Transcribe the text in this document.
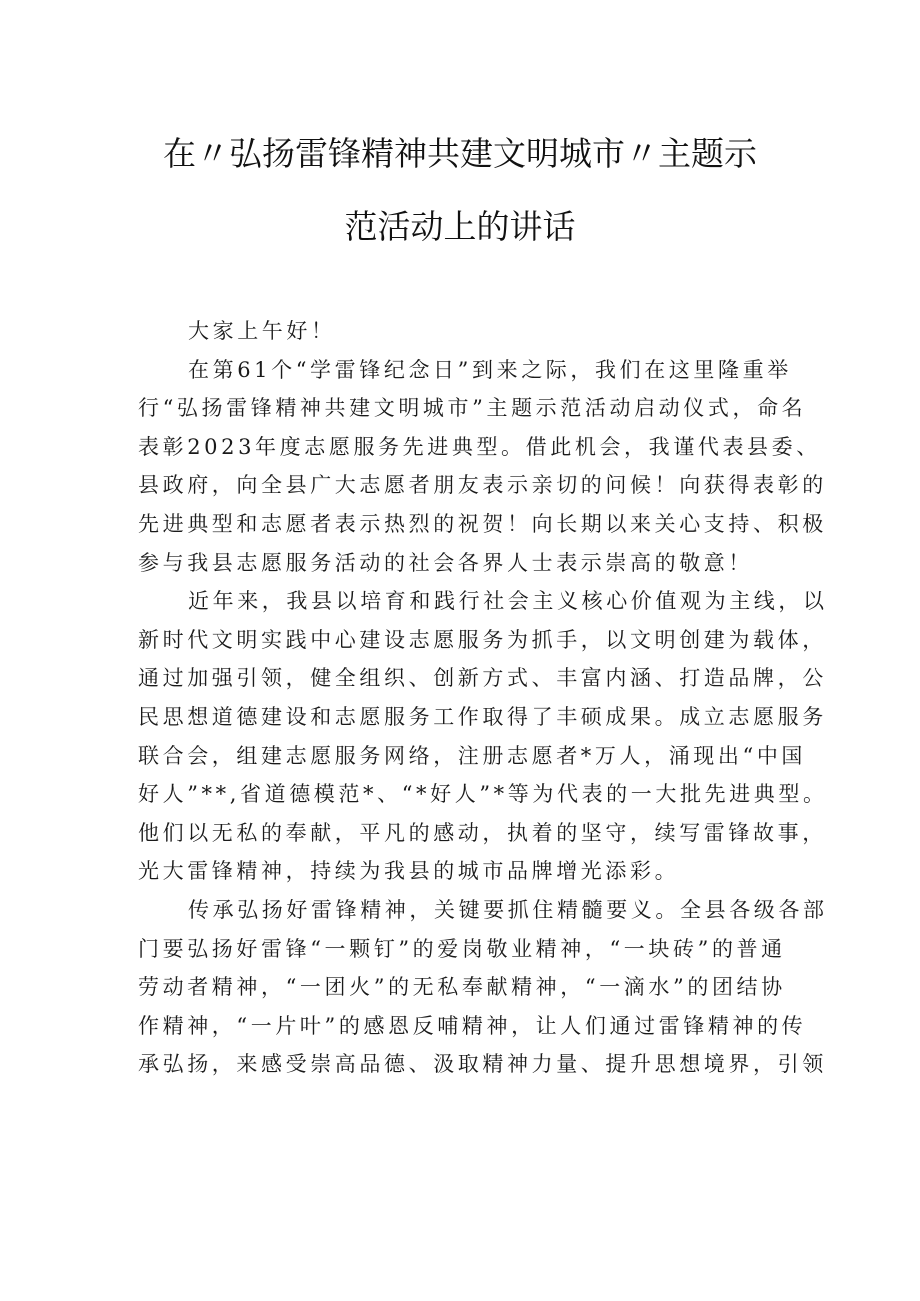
在〃弘扬雷锋精神共建文明城市〃主题示
范活动上的讲话
大家上午好！
在第61个“学雷锋纪念日”到来之际，我们在这里隆重举
行“弘扬雷锋精神共建文明城市”主题示范活动启动仪式，命名
表彰2023年度志愿服务先进典型。借此机会，我谨代表县委、
县政府，向全县广大志愿者朋友表示亲切的问候！向获得表彰的
先进典型和志愿者表示热烈的祝贺！向长期以来关心支持、积极
参与我县志愿服务活动的社会各界人士表示崇高的敬意！
近年来，我县以培育和践行社会主义核心价值观为主线，以
新时代文明实践中心建设志愿服务为抓手，以文明创建为载体，
通过加强引领，健全组织、创新方式、丰富内涵、打造品牌，公
民思想道德建设和志愿服务工作取得了丰硕成果。成立志愿服务
联合会，组建志愿服务网络，注册志愿者*万人，涌现出“中国
好人”**,省道德模范*、“*好人”*等为代表的一大批先进典型。
他们以无私的奉献，平凡的感动，执着的坚守，续写雷锋故事，
光大雷锋精神，持续为我县的城市品牌增光添彩。
传承弘扬好雷锋精神，关键要抓住精髓要义。全县各级各部
门要弘扬好雷锋“一颗钉”的爱岗敬业精神，“一块砖”的普通
劳动者精神，“一团火”的无私奉献精神，“一滴水”的团结协
作精神，“一片叶”的感恩反哺精神，让人们通过雷锋精神的传
承弘扬，来感受崇高品德、汲取精神力量、提升思想境界，引领
